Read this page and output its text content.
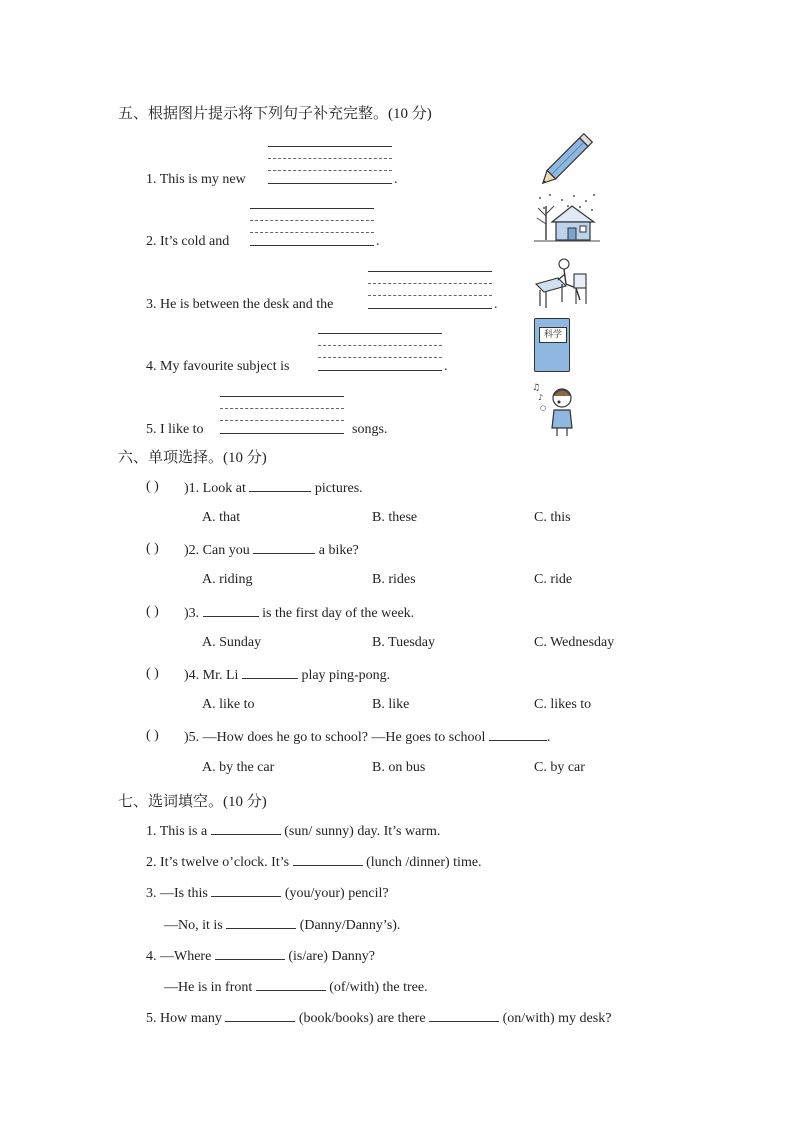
五、根据图片提示将下列句子补充完整。(10 分)
1. This is my new	.
2. It’s cold and	.
3. He is between the desk and the	.
4. My favourite subject is	.
科学
5. I like to	songs.
♫
♪
○
六、单项选择。(10 分)
( ) )1. Look at	pictures.
A. that	B. these	C. this
( ) )2. Can you	a bike?
A. riding	B. rides	C. ride
( ) )3.	is the first day of the week.
A. Sunday	B. Tuesday	C. Wednesday
( ) )4. Mr. Li	play ping-pong.
A. like to	B. like	C. likes to
( ) )5. —How does he go to school? —He goes to school	.
A. by the car	B. on bus	C. by car
七、选词填空。(10 分)
1. This is a	(sun/ sunny) day. It’s warm.
2. It’s twelve o’clock. It’s	(lunch /dinner) time.
3. —Is this	(you/your) pencil?
—No, it is	(Danny/Danny’s).
4. —Where	(is/are) Danny?
—He is in front	(of/with) the tree.
5. How many	(book/books) are there	(on/with) my desk?
